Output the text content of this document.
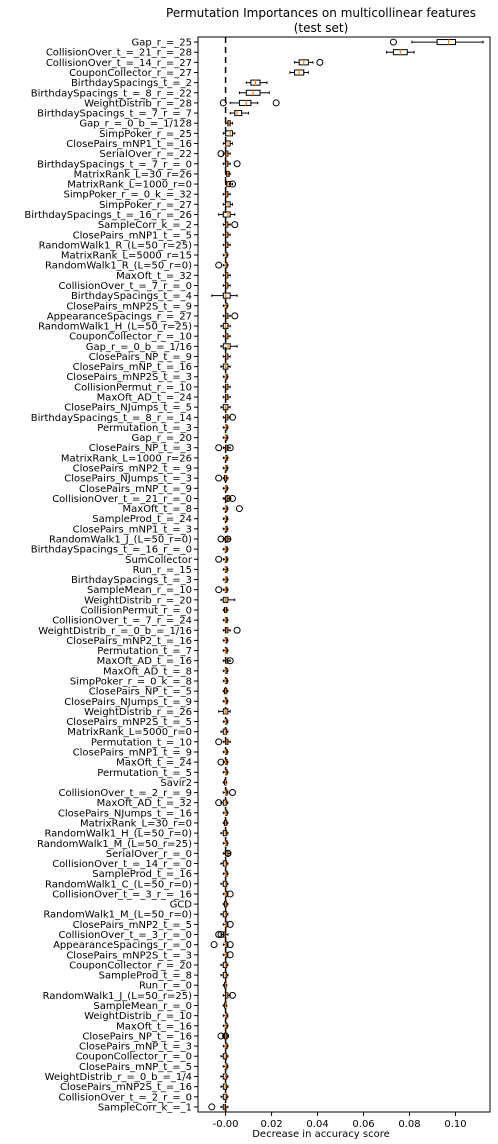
Permutation Importances on multicollinear features
(test set)
Decrease in accuracy score
-0.00 0.02 0.04 0.06 0.08 0.10
Gap_r_=_25
CollisionOver_t_=_21_r_=_28
CollisionOver_t_=_14_r_=_27
CouponCollector_r_=_27
BirthdaySpacings_t_=_2
BirthdaySpacings_t_=_8_r_=_22
WeightDistrib_r_=_28
BirthdaySpacings_t_=_7_r_=_7
Gap_r_=_0_b_=_1/128
SimpPoker_r_=_25
ClosePairs_mNP1_t_=_16
SerialOver_r_=_22
BirthdaySpacings_t_=_7_r_=_0
MatrixRank_L=30_r=26
MatrixRank_L=1000_r=0
SimpPoker_r_=_0_k_=_32
SimpPoker_r_=_27
BirthdaySpacings_t_=_16_r_=_26
SampleCorr_k_=_2
ClosePairs_mNP1_t_=_5
RandomWalk1_R_(L=50_r=25)
MatrixRank_L=5000_r=15
RandomWalk1_R_(L=50_r=0)
MaxOft_t_=_32
CollisionOver_t_=_7_r_=_0
BirthdaySpacings_t_=_4
ClosePairs_mNP2S_t_=_9
AppearanceSpacings_r_=_27
RandomWalk1_H_(L=50_r=25)
CouponCollector_r_=_10
Gap_r_=_0_b_=_1/16
ClosePairs_NP_t_=_9
ClosePairs_mNP_t_=_16
ClosePairs_mNP2S_t_=_3
CollisionPermut_r_=_10
MaxOft_AD_t_=_24
ClosePairs_NJumps_t_=_5
BirthdaySpacings_t_=_8_r_=_14
Permutation_t_=_3
Gap_r_=_20
ClosePairs_NP_t_=_3
MatrixRank_L=1000_r=26
ClosePairs_mNP2_t_=_9
ClosePairs_NJumps_t_=_3
ClosePairs_mNP_t_=_9
CollisionOver_t_=_21_r_=_0
MaxOft_t_=_8
SampleProd_t_=_24
ClosePairs_mNP1_t_=_3
RandomWalk1_J_(L=50_r=0)
BirthdaySpacings_t_=_16_r_=_0
SumCollector
Run_r_=_15
BirthdaySpacings_t_=_3
SampleMean_r_=_10
WeightDistrib_r_=_20
CollisionPermut_r_=_0
CollisionOver_t_=_7_r_=_24
WeightDistrib_r_=_0_b_=_1/16
ClosePairs_mNP2_t_=_16
Permutation_t_=_7
MaxOft_AD_t_=_16
MaxOft_AD_t_=_8
SimpPoker_r_=_0_k_=_8
ClosePairs_NP_t_=_5
ClosePairs_NJumps_t_=_9
WeightDistrib_r_=_26
ClosePairs_mNP2S_t_=_5
MatrixRank_L=5000_r=0
Permutation_t_=_10
ClosePairs_mNP1_t_=_9
MaxOft_t_=_24
Permutation_t_=_5
Savir2
CollisionOver_t_=_2_r_=_9
MaxOft_AD_t_=_32
ClosePairs_NJumps_t_=_16
MatrixRank_L=30_r=0
RandomWalk1_H_(L=50_r=0)
RandomWalk1_M_(L=50_r=25)
SerialOver_r_=_0
CollisionOver_t_=_14_r_=_0
SampleProd_t_=_16
RandomWalk1_C_(L=50_r=0)
CollisionOver_t_=_3_r_=_16
GCD
RandomWalk1_M_(L=50_r=0)
ClosePairs_mNP2_t_=_5
CollisionOver_t_=_3_r_=_0
AppearanceSpacings_r_=_0
ClosePairs_mNP2S_t_=_3
CouponCollector_r_=_20
SampleProd_t_=_8
Run_r_=_0
RandomWalk1_J_(L=50_r=25)
SampleMean_r_=_0
WeightDistrib_r_=_10
MaxOft_t_=_16
ClosePairs_NP_t_=_16
ClosePairs_mNP_t_=_3
CouponCollector_r_=_0
ClosePairs_mNP_t_=_5
WeightDistrib_r_=_0_b_=_1/4
ClosePairs_mNP2S_t_=_16
CollisionOver_t_=_2_r_=_0
SampleCorr_k_=_1
